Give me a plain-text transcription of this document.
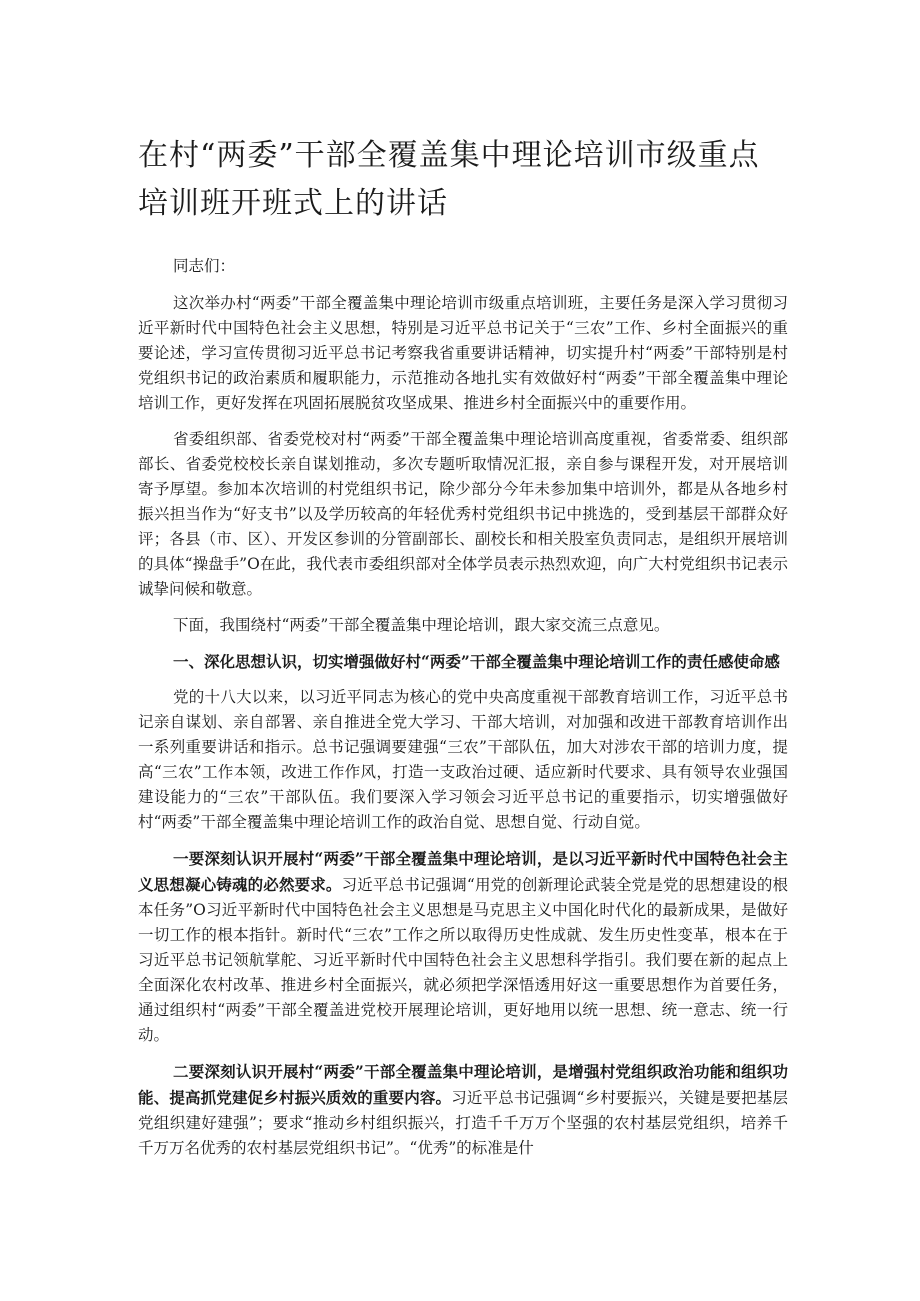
在村“两委”干部全覆盖集中理论培训市级重点培训班开班式上的讲话

同志们：

这次举办村“两委”干部全覆盖集中理论培训市级重点培训班，主要任务是深入学习贯彻习近平新时代中国特色社会主义思想，特别是习近平总书记关于“三农”工作、乡村全面振兴的重要论述，学习宣传贯彻习近平总书记考察我省重要讲话精神，切实提升村“两委”干部特别是村党组织书记的政治素质和履职能力，示范推动各地扎实有效做好村“两委”干部全覆盖集中理论培训工作，更好发挥在巩固拓展脱贫攻坚成果、推进乡村全面振兴中的重要作用。

省委组织部、省委党校对村“两委”干部全覆盖集中理论培训高度重视，省委常委、组织部部长、省委党校校长亲自谋划推动，多次专题听取情况汇报，亲自参与课程开发，对开展培训寄予厚望。参加本次培训的村党组织书记，除少部分今年未参加集中培训外，都是从各地乡村振兴担当作为“好支书”以及学历较高的年轻优秀村党组织书记中挑选的，受到基层干部群众好评；各县（市、区）、开发区参训的分管副部长、副校长和相关股室负责同志，是组织开展培训的具体“操盘手”O在此，我代表市委组织部对全体学员表示热烈欢迎，向广大村党组织书记表示诚挚问候和敬意。

下面，我围绕村“两委”干部全覆盖集中理论培训，跟大家交流三点意见。

一、深化思想认识，切实增强做好村“两委”干部全覆盖集中理论培训工作的责任感使命感

党的十八大以来，以习近平同志为核心的党中央高度重视干部教育培训工作，习近平总书记亲自谋划、亲自部署、亲自推进全党大学习、干部大培训，对加强和改进干部教育培训作出一系列重要讲话和指示。总书记强调要建强“三农”干部队伍，加大对涉农干部的培训力度，提高“三农”工作本领，改进工作作风，打造一支政治过硬、适应新时代要求、具有领导农业强国建设能力的“三农”干部队伍。我们要深入学习领会习近平总书记的重要指示，切实增强做好村“两委”干部全覆盖集中理论培训工作的政治自觉、思想自觉、行动自觉。

一要深刻认识开展村“两委”干部全覆盖集中理论培训，是以习近平新时代中国特色社会主义思想凝心铸魂的必然要求。习近平总书记强调“用党的创新理论武装全党是党的思想建设的根本任务”O习近平新时代中国特色社会主义思想是马克思主义中国化时代化的最新成果，是做好一切工作的根本指针。新时代“三农”工作之所以取得历史性成就、发生历史性变革，根本在于习近平总书记领航掌舵、习近平新时代中国特色社会主义思想科学指引。我们要在新的起点上全面深化农村改革、推进乡村全面振兴，就必须把学深悟透用好这一重要思想作为首要任务，通过组织村“两委”干部全覆盖进党校开展理论培训，更好地用以统一思想、统一意志、统一行动。

二要深刻认识开展村“两委”干部全覆盖集中理论培训，是增强村党组织政治功能和组织功能、提高抓党建促乡村振兴质效的重要内容。习近平总书记强调“乡村要振兴，关键是要把基层党组织建好建强”；要求“推动乡村组织振兴，打造千千万万个坚强的农村基层党组织，培养千千万万名优秀的农村基层党组织书记”。“优秀”的标准是什
